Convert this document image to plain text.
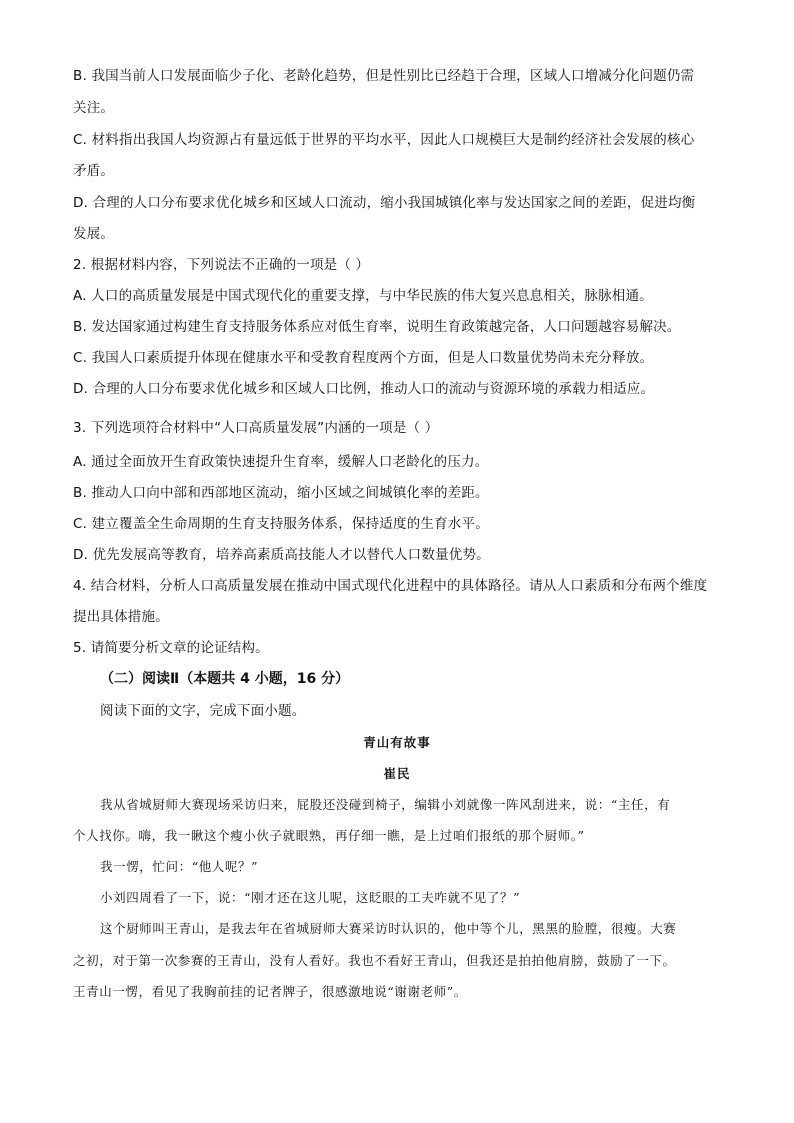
B. 我国当前人口发展面临少子化、老龄化趋势，但是性别比已经趋于合理，区域人口增减分化问题仍需
关注。
C. 材料指出我国人均资源占有量远低于世界的平均水平，因此人口规模巨大是制约经济社会发展的核心
矛盾。
D. 合理的人口分布要求优化城乡和区域人口流动，缩小我国城镇化率与发达国家之间的差距，促进均衡
发展。
2. 根据材料内容，下列说法不正确的一项是（ ）
A. 人口的高质量发展是中国式现代化的重要支撑，与中华民族的伟大复兴息息相关，脉脉相通。
B. 发达国家通过构建生育支持服务体系应对低生育率，说明生育政策越完备，人口问题越容易解决。
C. 我国人口素质提升体现在健康水平和受教育程度两个方面，但是人口数量优势尚未充分释放。
D. 合理的人口分布要求优化城乡和区域人口比例，推动人口的流动与资源环境的承载力相适应。
3. 下列选项符合材料中“人口高质量发展”内涵的一项是（ ）
A. 通过全面放开生育政策快速提升生育率，缓解人口老龄化的压力。
B. 推动人口向中部和西部地区流动，缩小区域之间城镇化率的差距。
C. 建立覆盖全生命周期的生育支持服务体系，保持适度的生育水平。
D. 优先发展高等教育，培养高素质高技能人才以替代人口数量优势。
4. 结合材料，分析人口高质量发展在推动中国式现代化进程中的具体路径。请从人口素质和分布两个维度
提出具体措施。
5. 请简要分析文章的论证结构。
（二）阅读Ⅱ（本题共 4 小题，16 分）
阅读下面的文字，完成下面小题。
青山有故事
崔民
我从省城厨师大赛现场采访归来，屁股还没碰到椅子，编辑小刘就像一阵风刮进来，说：“主任，有
个人找你。嗨，我一瞅这个瘦小伙子就眼熟，再仔细一瞧，是上过咱们报纸的那个厨师。”
我一愣，忙问：“他人呢？”
小刘四周看了一下，说：“刚才还在这儿呢，这眨眼的工夫咋就不见了？”
这个厨师叫王青山，是我去年在省城厨师大赛采访时认识的，他中等个儿，黑黑的脸膛，很瘦。大赛
之初，对于第一次参赛的王青山，没有人看好。我也不看好王青山，但我还是拍拍他肩膀，鼓励了一下。
王青山一愣，看见了我胸前挂的记者牌子，很感激地说“谢谢老师”。
